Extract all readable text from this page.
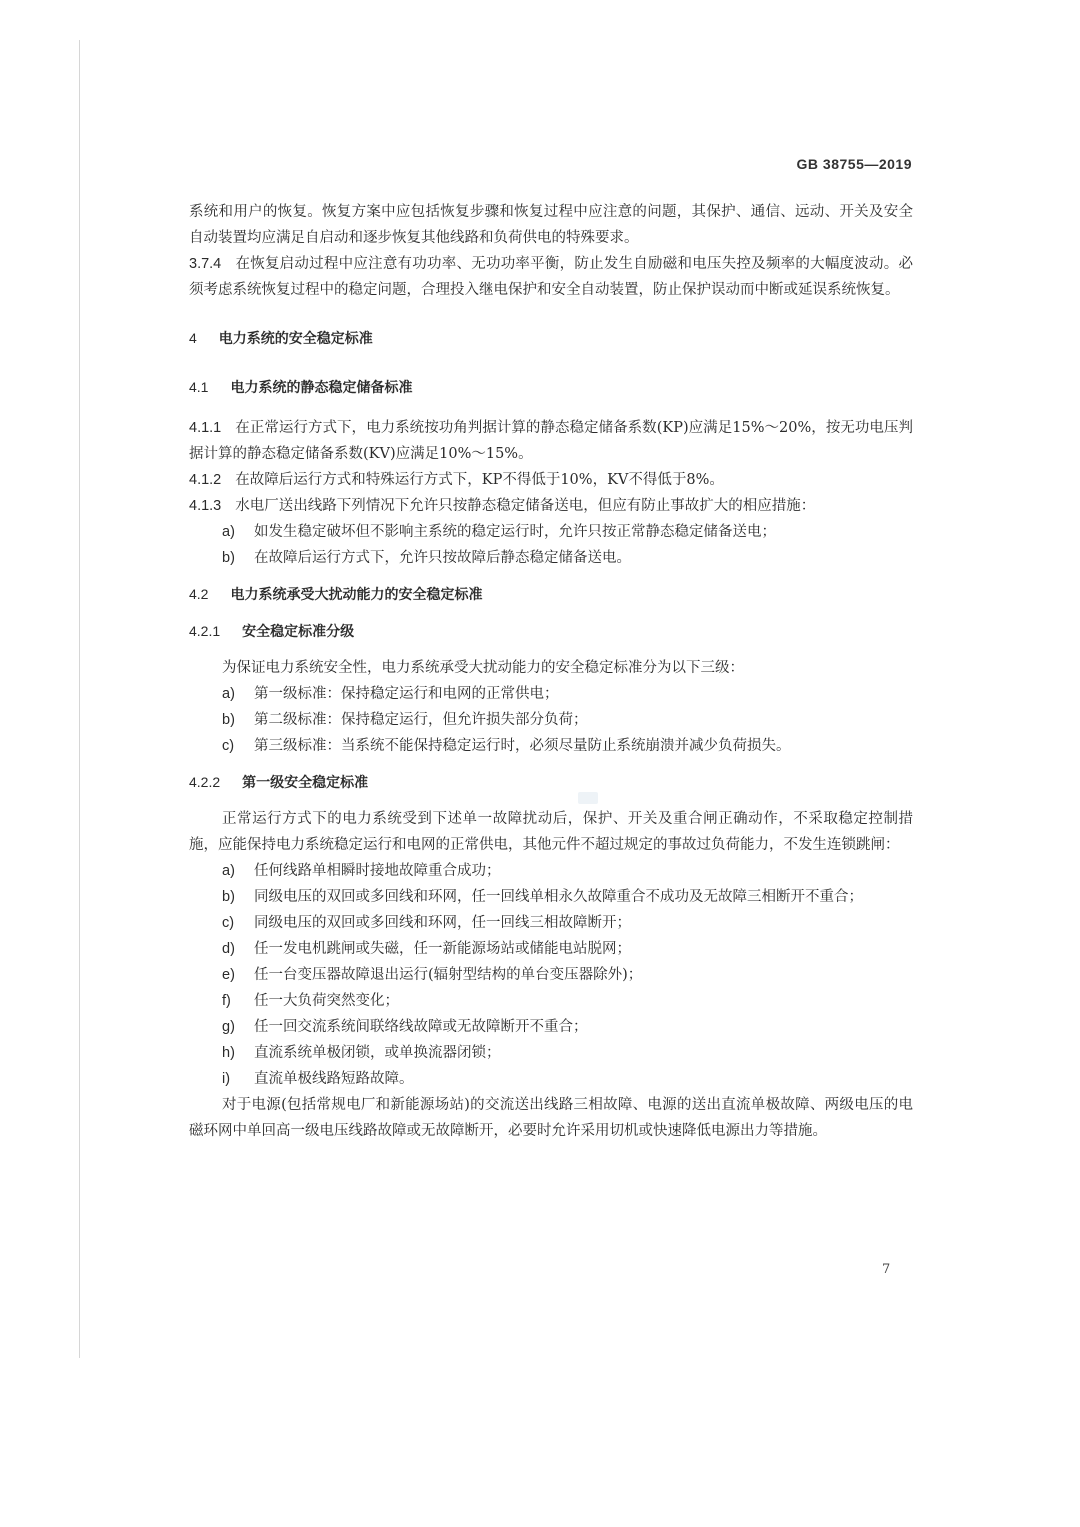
GB 38755—2019

系统和用户的恢复。恢复方案中应包括恢复步骤和恢复过程中应注意的问题，其保护、通信、远动、开关及安全自动装置均应满足自启动和逐步恢复其他线路和负荷供电的特殊要求。

3.7.4 在恢复启动过程中应注意有功功率、无功功率平衡，防止发生自励磁和电压失控及频率的大幅度波动。必须考虑系统恢复过程中的稳定问题，合理投入继电保护和安全自动装置，防止保护误动而中断或延误系统恢复。

4 电力系统的安全稳定标准

4.1 电力系统的静态稳定储备标准

4.1.1 在正常运行方式下，电力系统按功角判据计算的静态稳定储备系数(KP)应满足15%～20%，按无功电压判据计算的静态稳定储备系数(KV)应满足10%～15%。

4.1.2 在故障后运行方式和特殊运行方式下，KP不得低于10%，KV不得低于8%。

4.1.3 水电厂送出线路下列情况下允许只按静态稳定储备送电，但应有防止事故扩大的相应措施：

a)	如发生稳定破坏但不影响主系统的稳定运行时，允许只按正常静态稳定储备送电；
b)	在故障后运行方式下，允许只按故障后静态稳定储备送电。

4.2 电力系统承受大扰动能力的安全稳定标准

4.2.1 安全稳定标准分级

为保证电力系统安全性，电力系统承受大扰动能力的安全稳定标准分为以下三级：

a)	第一级标准：保持稳定运行和电网的正常供电；
b)	第二级标准：保持稳定运行，但允许损失部分负荷；
c)	第三级标准：当系统不能保持稳定运行时，必须尽量防止系统崩溃并减少负荷损失。

4.2.2 第一级安全稳定标准

正常运行方式下的电力系统受到下述单一故障扰动后，保护、开关及重合闸正确动作，不采取稳定控制措施，应能保持电力系统稳定运行和电网的正常供电，其他元件不超过规定的事故过负荷能力，不发生连锁跳闸：

a)	任何线路单相瞬时接地故障重合成功；
b)	同级电压的双回或多回线和环网，任一回线单相永久故障重合不成功及无故障三相断开不重合；
c)	同级电压的双回或多回线和环网，任一回线三相故障断开；
d)	任一发电机跳闸或失磁，任一新能源场站或储能电站脱网；
e)	任一台变压器故障退出运行(辐射型结构的单台变压器除外)；
f)	任一大负荷突然变化；
g)	任一回交流系统间联络线故障或无故障断开不重合；
h)	直流系统单极闭锁，或单换流器闭锁；
i)	直流单极线路短路故障。

对于电源(包括常规电厂和新能源场站)的交流送出线路三相故障、电源的送出直流单极故障、两级电压的电磁环网中单回高一级电压线路故障或无故障断开，必要时允许采用切机或快速降低电源出力等措施。

7
